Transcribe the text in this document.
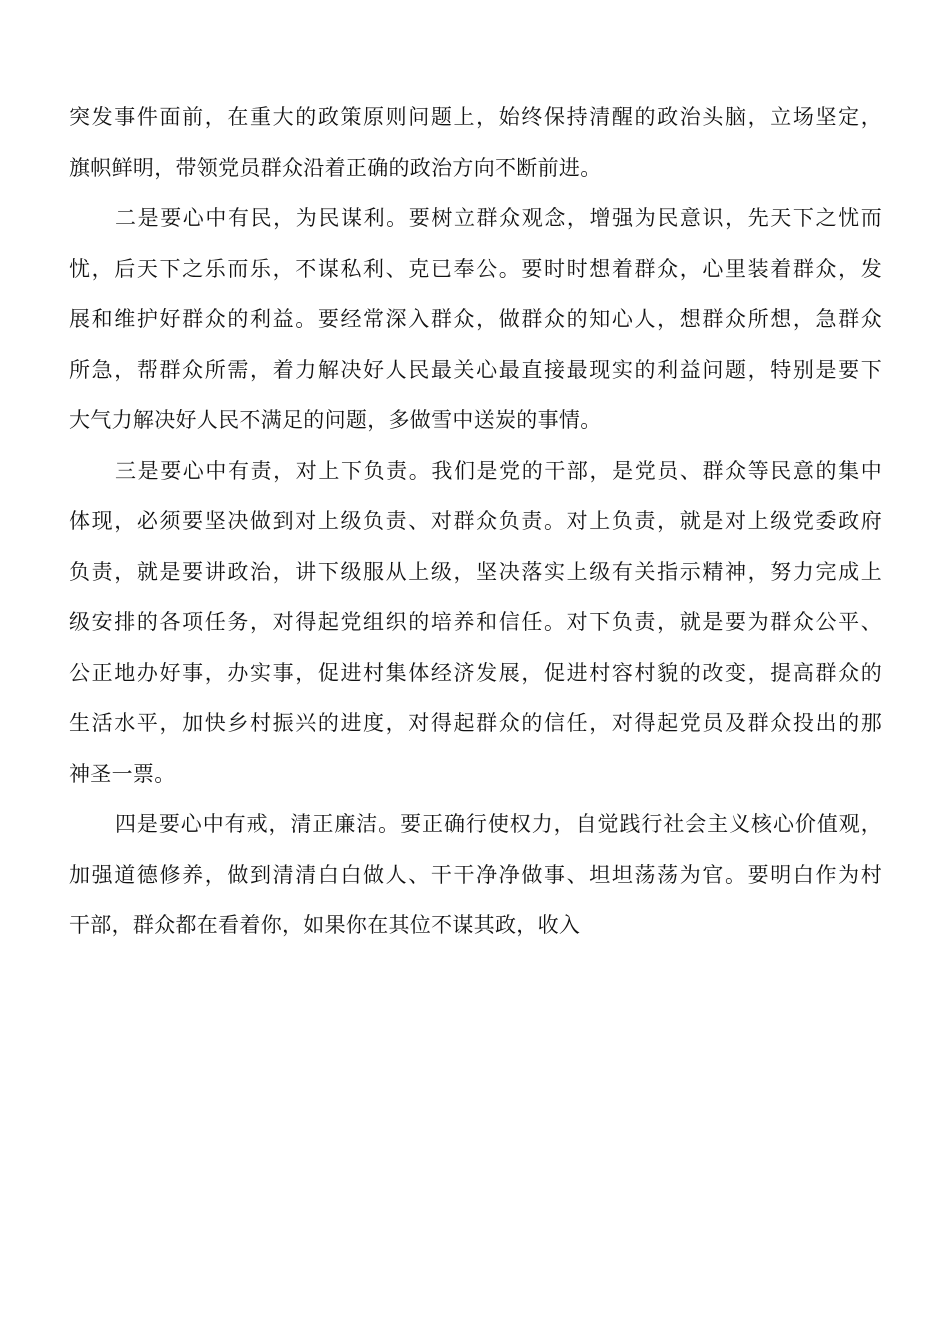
突发事件面前，在重大的政策原则问题上，始终保持清醒的政治头脑，立场坚定，
旗帜鲜明，带领党员群众沿着正确的政治方向不断前进。

二是要心中有民，为民谋利。要树立群众观念，增强为民意识，先天下之忧而
忧，后天下之乐而乐，不谋私利、克已奉公。要时时想着群众，心里装着群众，发
展和维护好群众的利益。要经常深入群众，做群众的知心人，想群众所想，急群众
所急，帮群众所需，着力解决好人民最关心最直接最现实的利益问题，特别是要下
大气力解决好人民不满足的问题，多做雪中送炭的事情。

三是要心中有责，对上下负责。我们是党的干部，是党员、群众等民意的集中
体现，必须要坚决做到对上级负责、对群众负责。对上负责，就是对上级党委政府
负责，就是要讲政治，讲下级服从上级，坚决落实上级有关指示精神，努力完成上
级安排的各项任务，对得起党组织的培养和信任。对下负责，就是要为群众公平、
公正地办好事，办实事，促进村集体经济发展，促进村容村貌的改变，提高群众的
生活水平，加快乡村振兴的进度，对得起群众的信任，对得起党员及群众投出的那
神圣一票。

四是要心中有戒，清正廉洁。要正确行使权力，自觉践行社会主义核心价值观，
加强道德修养，做到清清白白做人、干干净净做事、坦坦荡荡为官。要明白作为村
干部，群众都在看着你，如果你在其位不谋其政，收入
